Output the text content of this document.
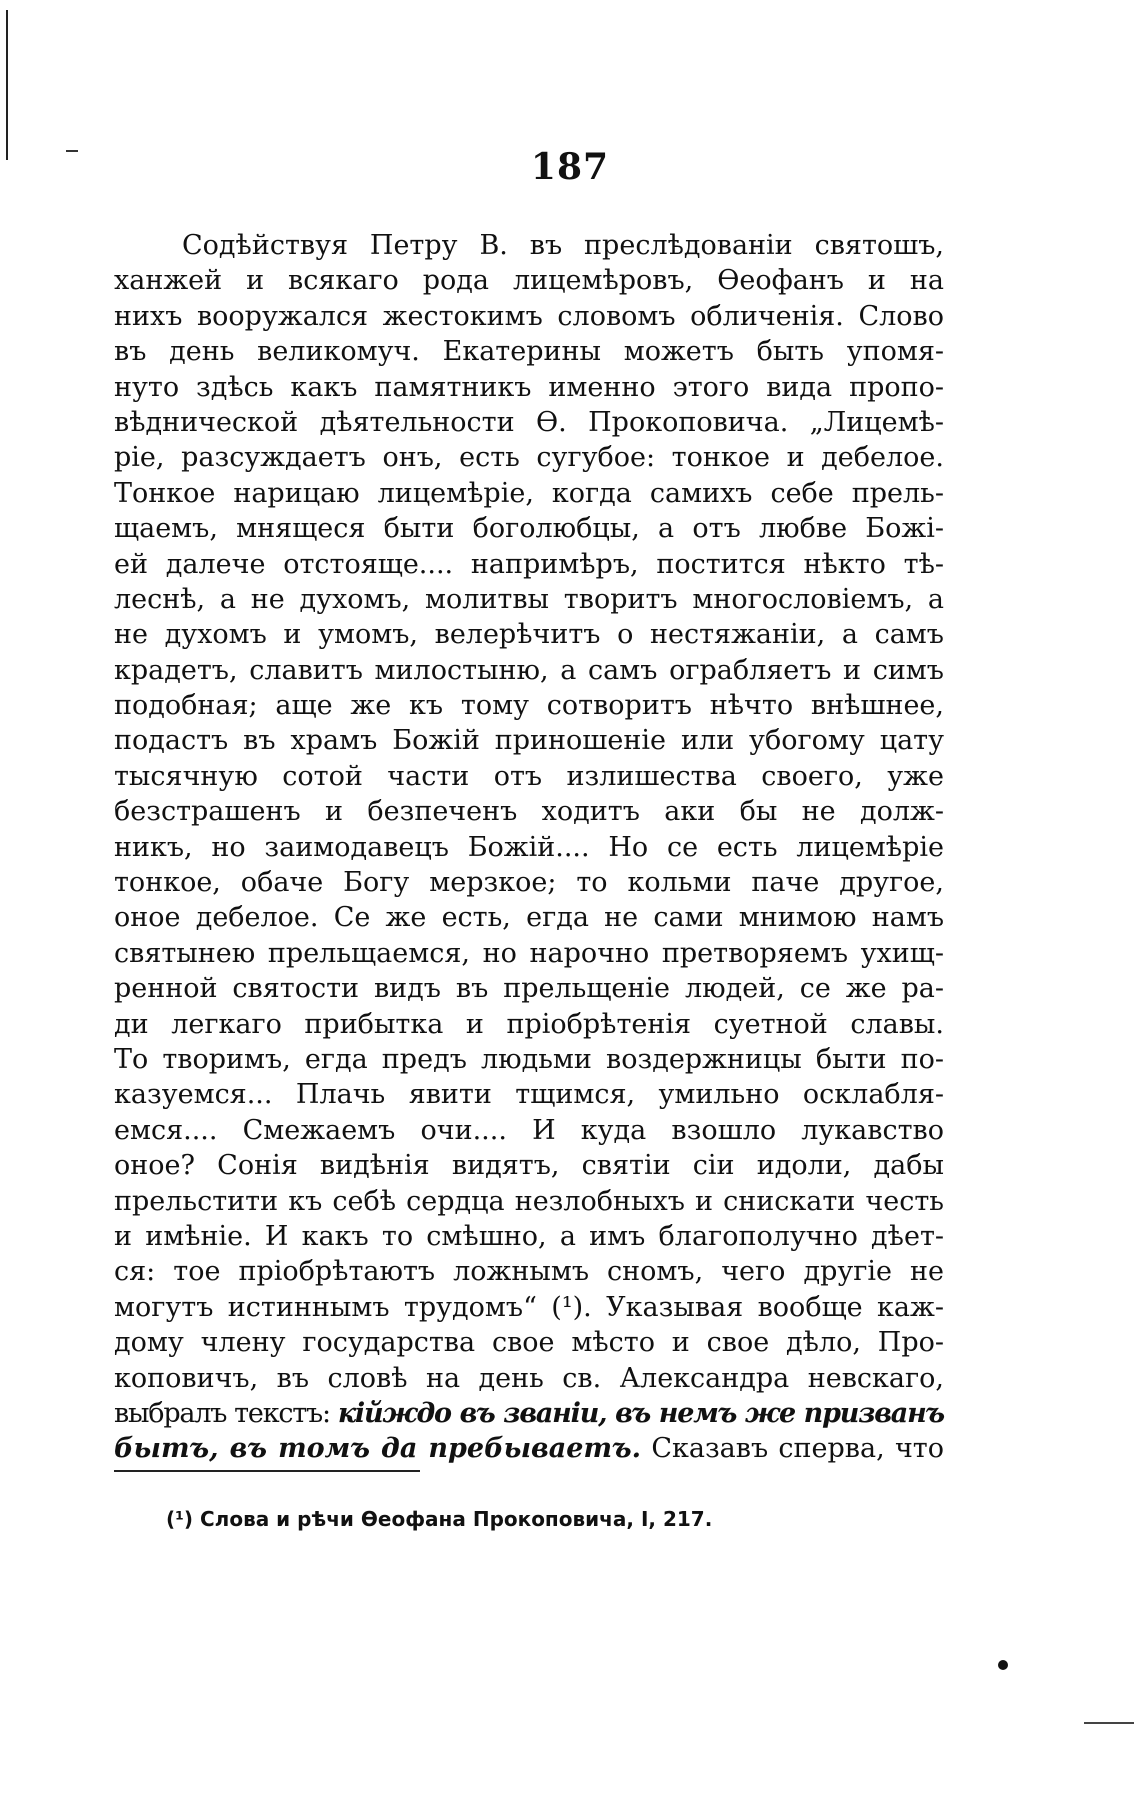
187
Содѣйствуя Петру В. въ преслѣдованіи святошъ,
ханжей и всякаго рода лицемѣровъ, Ѳеофанъ и на
нихъ вооружался жестокимъ словомъ обличенія. Слово
въ день великомуч. Екатерины можетъ быть упомя-
нуто здѣсь какъ памятникъ именно этого вида пропо-
вѣднической дѣятельности Ѳ. Прокоповича. „Лицемѣ-
ріе, разсуждаетъ онъ, есть сугубое: тонкое и дебелое.
Тонкое нарицаю лицемѣріе, когда самихъ себе прель-
щаемъ, мнящеся быти боголюбцы, а отъ любве Божі-
ей далече отстояще.... напримѣръ, постится нѣкто тѣ-
леснѣ, а не духомъ, молитвы творитъ многословіемъ, а
не духомъ и умомъ, велерѣчитъ о нестяжаніи, а самъ
крадетъ, славитъ милостыню, а самъ ограбляетъ и симъ
подобная; аще же къ тому сотворитъ нѣчто внѣшнее,
подастъ въ храмъ Божій приношеніе или убогому цату
тысячную сотой части отъ излишества своего, уже
безстрашенъ и безпеченъ ходитъ аки бы не долж-
никъ, но заимодавецъ Божій.... Но се есть лицемѣріе
тонкое, обаче Богу мерзкое; то кольми паче другое,
оное дебелое. Се же есть, егда не сами мнимою намъ
святынею прельщаемся, но нарочно претворяемъ ухищ-
ренной святости видъ въ прельщеніе людей, се же ра-
ди легкаго прибытка и пріобрѣтенія суетной славы.
То творимъ, егда предъ людьми воздержницы быти по-
казуемся... Плачь явити тщимся, умильно осклабля-
емся.... Смежаемъ очи.... И куда взошло лукавство
оное? Сонія видѣнія видятъ, святіи сіи идоли, дабы
прельстити къ себѣ сердца незлобныхъ и снискати честь
и имѣніе. И какъ то смѣшно, а имъ благополучно дѣет-
ся: тое пріобрѣтаютъ ложнымъ сномъ, чего другіе не
могутъ истиннымъ трудомъ“ (¹). Указывая вообще каж-
дому члену государства свое мѣсто и свое дѣло, Про-
коповичъ, въ словѣ на день св. Александра невскаго,
выбралъ текстъ: кійждо въ званіи, въ немъ же призванъ
бытъ, въ томъ да пребываетъ. Сказавъ сперва, что
(¹) Слова и рѣчи Ѳеофана Прокоповича, I, 217.
